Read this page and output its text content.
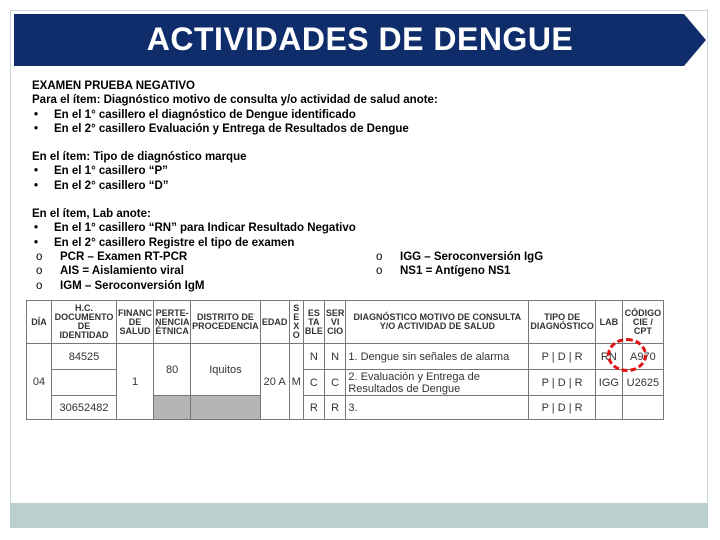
ACTIVIDADES DE DENGUE
EXAMEN PRUEBA NEGATIVO
Para el ítem: Diagnóstico motivo de consulta y/o actividad de salud anote:
• En el 1° casillero el diagnóstico de Dengue identificado
• En el 2° casillero Evaluación y Entrega de Resultados de Dengue
En el ítem: Tipo de diagnóstico marque
• En el 1° casillero “P”
• En el 2° casillero “D”
En el ítem, Lab anote:
• En el 1° casillero “RN” para Indicar Resultado Negativo
• En el 2° casillero Registre el tipo de examen
o PCR – Examen RT-PCR	o IGG – Seroconversión IgG
o AIS = Aislamiento viral	o NS1 = Antígeno NS1
o IGM – Seroconversión IgM
DÍA	H.C. DOCUMENTO DE IDENTIDAD	FINANC DE SALUD	PERTE-NENCIA ÉTNICA	DISTRITO DE PROCEDENCIA	EDAD	S E X O	ES TA BLE	SER VI CIO	DIAGNÓSTICO MOTIVO DE CONSULTA Y/O ACTIVIDAD DE SALUD	TIPO DE DIAGNÓSTICO	LAB	CÓDIGO CIE / CPT
04	84525	1	80	Iquitos	20 A	M	N	N	1. Dengue sin señales de alarma	P | D | R	RN	A970
							C	C	2. Evaluación y Entrega de Resultados de Dengue	P | D | R	IGG	U2625
	30652482						R	R	3.	P | D | R		
